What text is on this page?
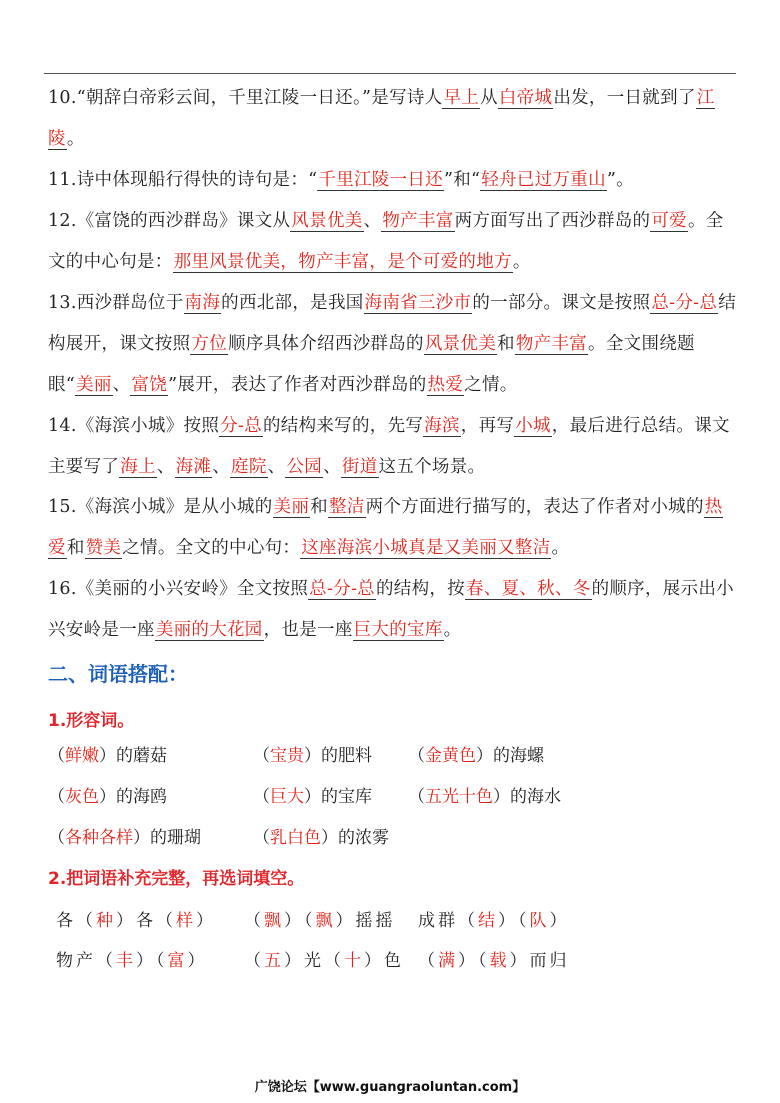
10.“朝辞白帝彩云间，千里江陵一日还。”是写诗人早上从白帝城出发，一日就到了江陵。
11.诗中体现船行得快的诗句是：“千里江陵一日还”和“轻舟已过万重山”。
12.《富饶的西沙群岛》课文从风景优美、物产丰富两方面写出了西沙群岛的可爱。全文的中心句是：那里风景优美，物产丰富，是个可爱的地方。
13.西沙群岛位于南海的西北部，是我国海南省三沙市的一部分。课文是按照总-分-总结构展开，课文按照方位顺序具体介绍西沙群岛的风景优美和物产丰富。全文围绕题眼“美丽、富饶”展开，表达了作者对西沙群岛的热爱之情。
14.《海滨小城》按照分-总的结构来写的，先写海滨，再写小城，最后进行总结。课文主要写了海上、海滩、庭院、公园、街道这五个场景。
15.《海滨小城》是从小城的美丽和整洁两个方面进行描写的，表达了作者对小城的热爱和赞美之情。全文的中心句：这座海滨小城真是又美丽又整洁。
16.《美丽的小兴安岭》全文按照总-分-总的结构，按春、夏、秋、冬的顺序，展示出小兴安岭是一座美丽的大花园，也是一座巨大的宝库。
二、词语搭配：
1.形容词。
（鲜嫩）的蘑菇	（宝贵）的肥料 （金黄色）的海螺
（灰色）的海鸥	（巨大）的宝库 （五光十色）的海水
（各种各样）的珊瑚	（乳白色）的浓雾
2.把词语补充完整，再选词填空。
各（种）各（样） （飘）（飘）摇摇 成群（结）（队）
物产（丰）（富） （五）光（十）色 （满）（载）而归
广饶论坛【www.guangraoluntan.com】
